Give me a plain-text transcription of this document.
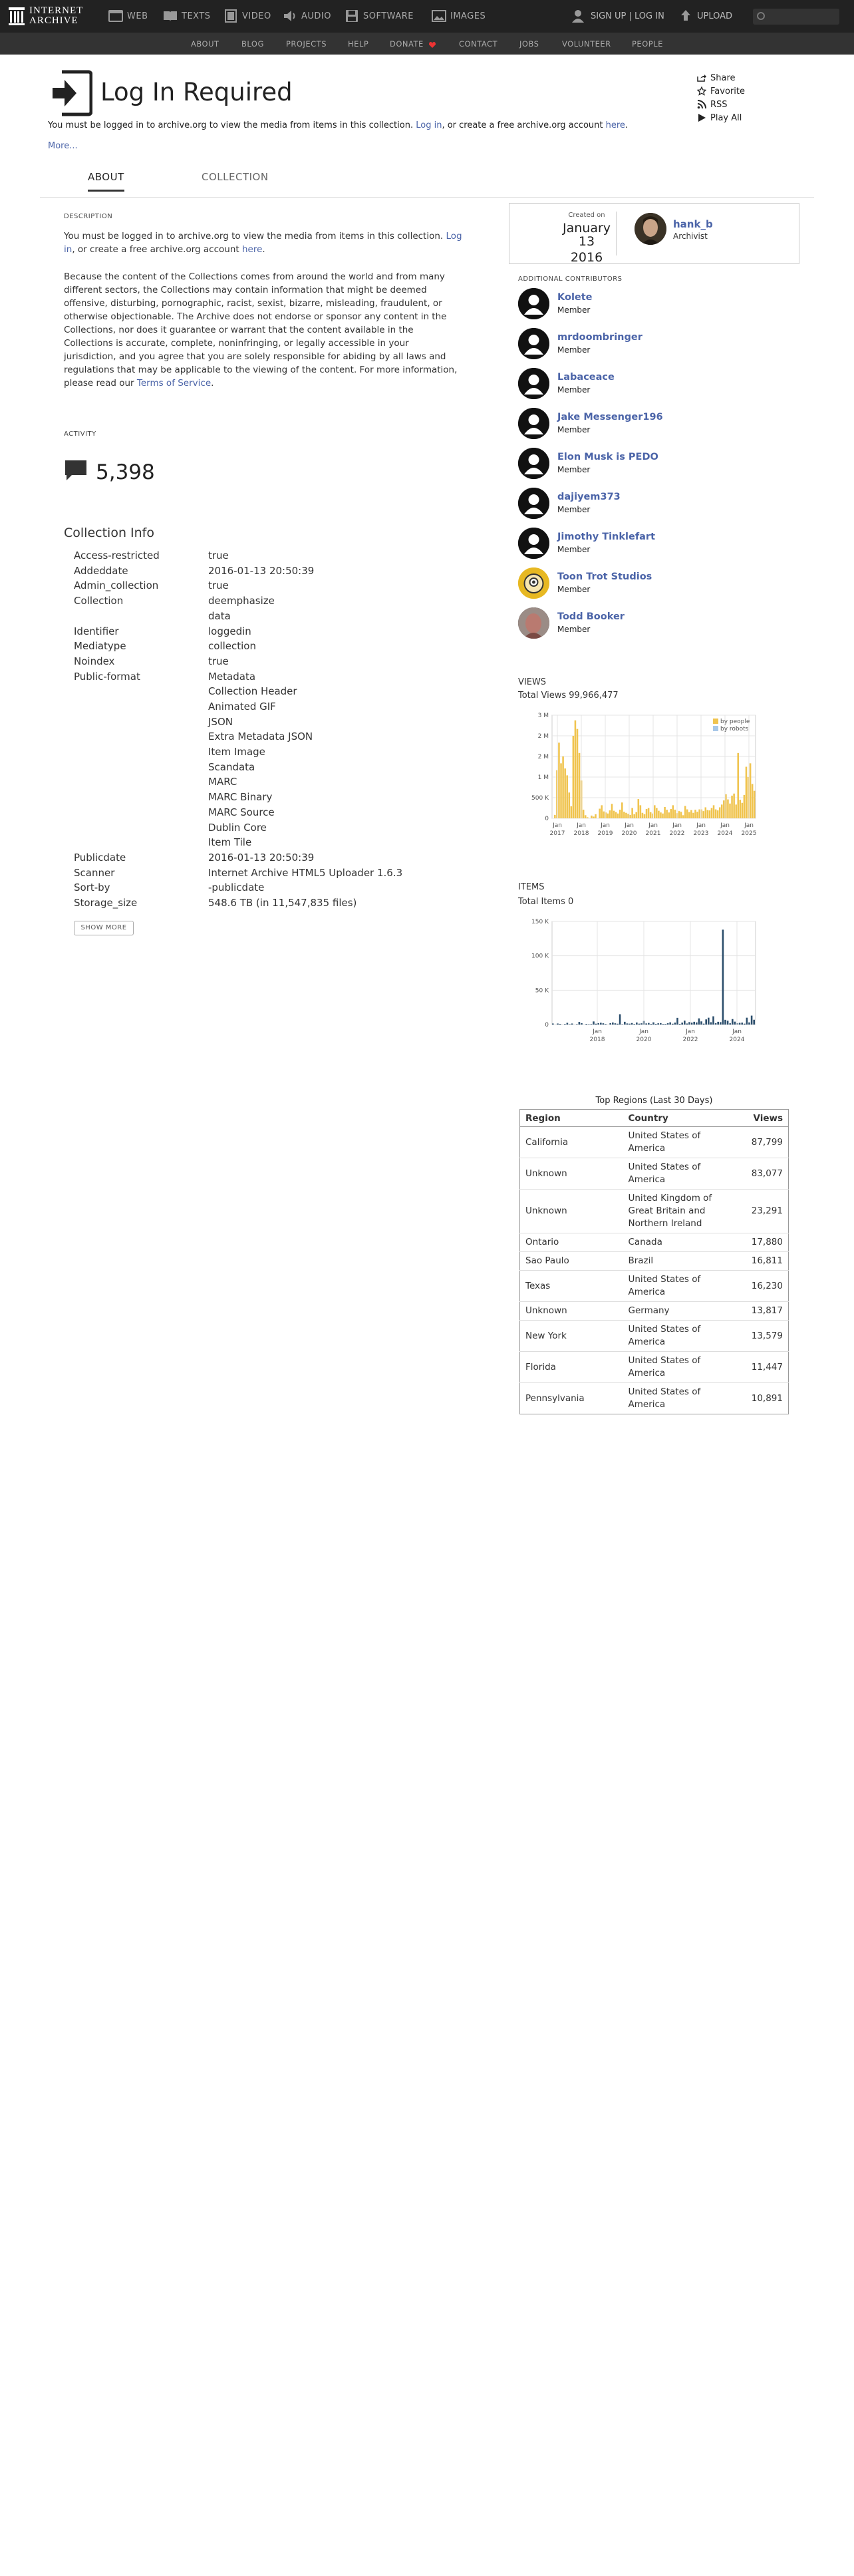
INTERNET
ARCHIVE	WEB	TEXTS	VIDEO	AUDIO	SOFTWARE	IMAGES	SIGN UP | LOG IN	UPLOAD
ABOUT	BLOG	PROJECTS	HELP	DONATE	CONTACT	JOBS	VOLUNTEER	PEOPLE
Log In Required
You must be logged in to archive.org to view the media from items in this collection. Log in, or create a free archive.org account here.
More...
Share
Favorite
RSS
Play All
ABOUT	COLLECTION
DESCRIPTION
You must be logged in to archive.org to view the media from items in this collection. Log in, or create a free archive.org account here.
Because the content of the Collections comes from around the world and from many different sectors, the Collections may contain information that might be deemed offensive, disturbing, pornographic, racist, sexist, bizarre, misleading, fraudulent, or otherwise objectionable. The Archive does not endorse or sponsor any content in the Collections, nor does it guarantee or warrant that the content available in the Collections is accurate, complete, noninfringing, or legally accessible in your jurisdiction, and you agree that you are solely responsible for abiding by all laws and regulations that may be applicable to the viewing of the content. For more information, please read our Terms of Service.
ACTIVITY
5,398
Collection Info
Access-restricted	true
Addeddate	2016-01-13 20:50:39
Admin_collection	true
Collection	deemphasize
data
Identifier	loggedin
Mediatype	collection
Noindex	true
Public-format	Metadata
Collection Header
Animated GIF
JSON
Extra Metadata JSON
Item Image
Scandata
MARC
MARC Binary
MARC Source
Dublin Core
Item Tile
Publicdate	2016-01-13 20:50:39
Scanner	Internet Archive HTML5 Uploader 1.6.3
Sort-by	-publicdate
Storage_size	548.6 TB (in 11,547,835 files)
SHOW MORE
Created on
January 13
2016
hank_b
Archivist
ADDITIONAL CONTRIBUTORS
Kolete
Member
mrdoombringer
Member
Labaceace
Member
Jake Messenger196
Member
Elon Musk is PEDO
Member
dajiyem373
Member
Jimothy Tinklefart
Member
Toon Trot Studios
Member
Todd Booker
Member
VIEWS
Total Views 99,966,477
3 M
2 M
2 M
1 M
500 K
0
Jan
2017
Jan
2018
Jan
2019
Jan
2020
Jan
2021
Jan
2022
Jan
2023
Jan
2024
Jan
2025
by people
by robots
ITEMS
Total Items 0
150 K
100 K
50 K
0
Jan
2018
Jan
2020
Jan
2022
Jan
2024
Top Regions (Last 30 Days)
Region	Country	Views
California	United States of America	87,799
Unknown	United States of America	83,077
Unknown	United Kingdom of Great Britain and Northern Ireland	23,291
Ontario	Canada	17,880
Sao Paulo	Brazil	16,811
Texas	United States of America	16,230
Unknown	Germany	13,817
New York	United States of America	13,579
Florida	United States of America	11,447
Pennsylvania	United States of America	10,891
